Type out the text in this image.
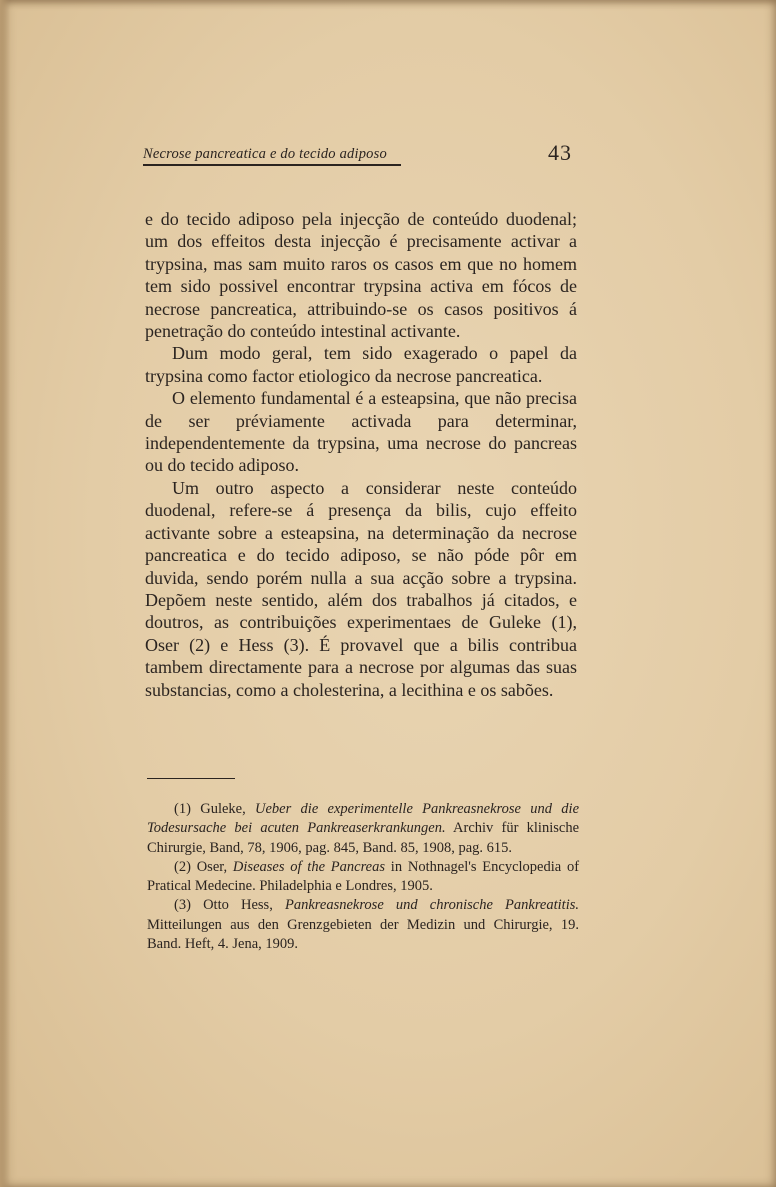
Necrose pancreatica e do tecido adiposo	43

e do tecido adiposo pela injecção de conteúdo duodenal; um dos effeitos desta injecção é precisamente activar a trypsina, mas sam muito raros os casos em que no homem tem sido possivel encontrar trypsina activa em fócos de necrose pancreatica, attribuindo-se os casos positivos á penetração do conteúdo intestinal activante.

Dum modo geral, tem sido exagerado o papel da trypsina como factor etiologico da necrose pancreatica.

O elemento fundamental é a esteapsina, que não precisa de ser préviamente activada para determinar, independentemente da trypsina, uma necrose do pancreas ou do tecido adiposo.

Um outro aspecto a considerar neste conteúdo duodenal, refere-se á presença da bilis, cujo effeito activante sobre a esteapsina, na determinação da necrose pancreatica e do tecido adiposo, se não póde pôr em duvida, sendo porém nulla a sua acção sobre a trypsina. Depõem neste sentido, além dos trabalhos já citados, e doutros, as contribuições experimentaes de Guleke (1), Oser (2) e Hess (3). É provavel que a bilis contribua tambem directamente para a necrose por algumas das suas substancias, como a cholesterina, a lecithina e os sabões.

(1) Guleke, Ueber die experimentelle Pankreasnekrose und die Todesursache bei acuten Pankreaserkrankungen. Archiv für klinische Chirurgie, Band, 78, 1906, pag. 845, Band. 85, 1908, pag. 615.

(2) Oser, Diseases of the Pancreas in Nothnagel's Encyclopedia of Pratical Medecine. Philadelphia e Londres, 1905.

(3) Otto Hess, Pankreasnekrose und chronische Pankreatitis. Mitteilungen aus den Grenzgebieten der Medizin und Chirurgie, 19. Band. Heft, 4. Jena, 1909.
